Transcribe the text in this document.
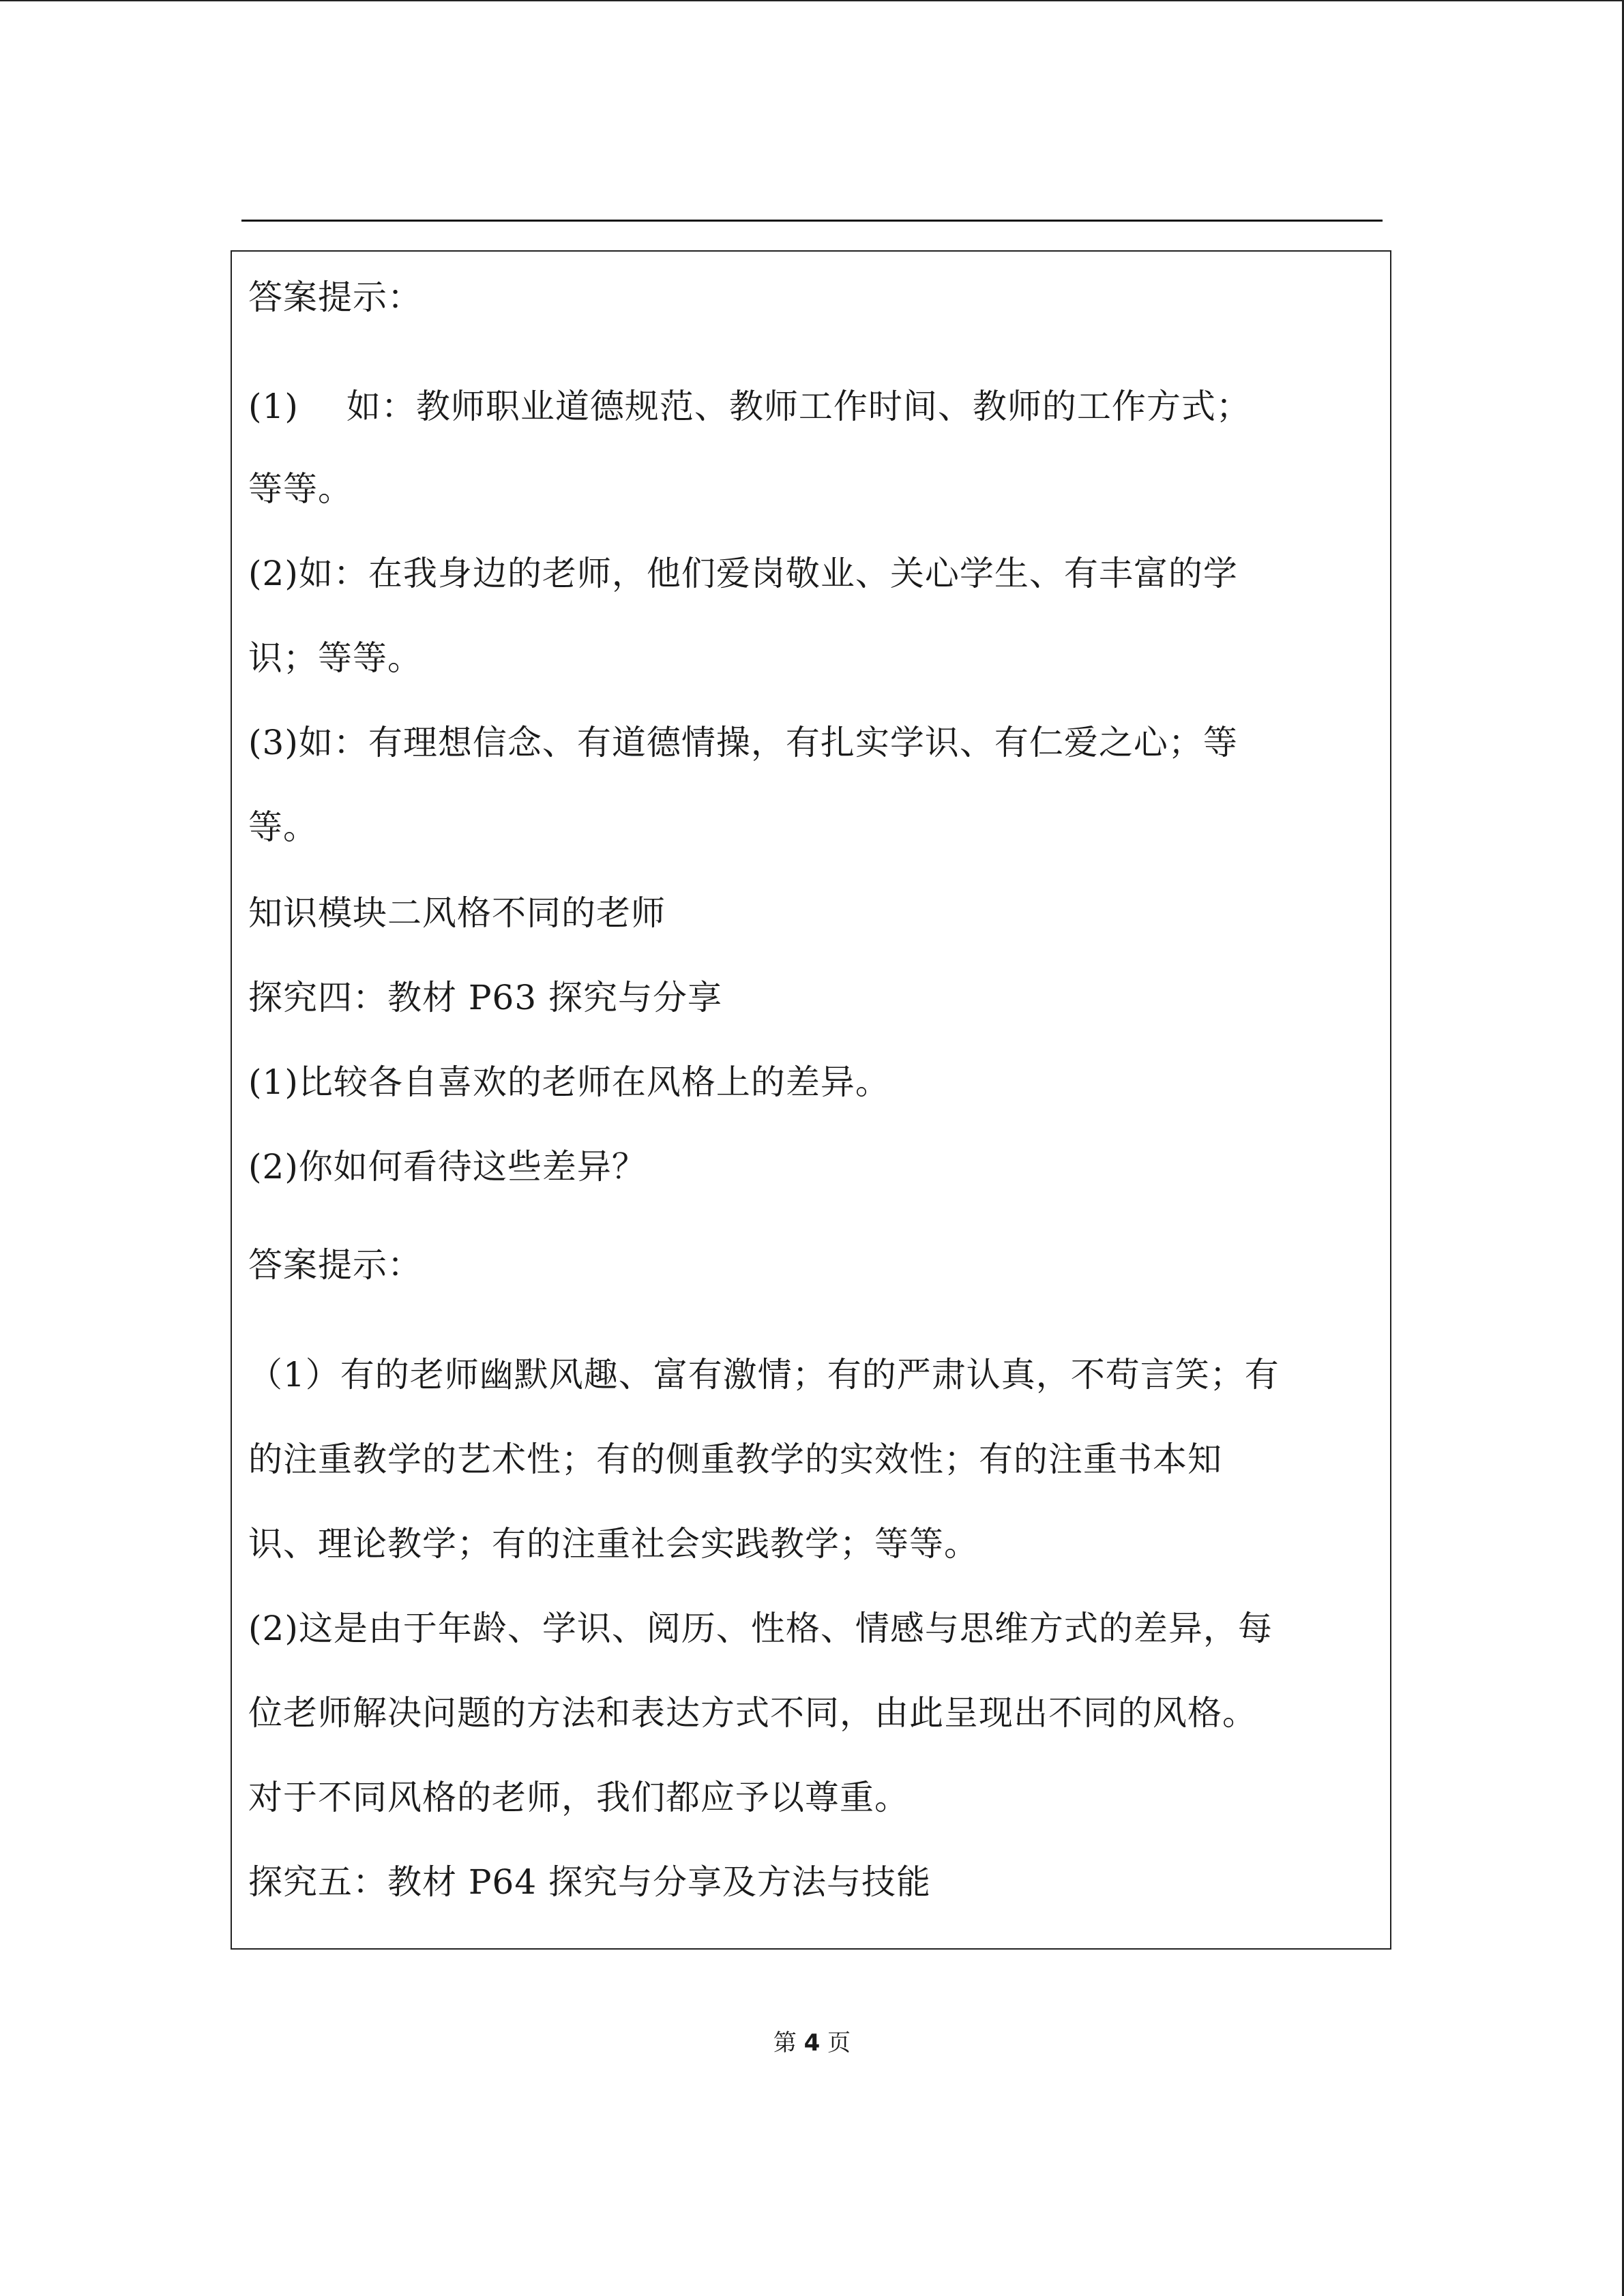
答案提示：

(1) 如：教师职业道德规范、教师工作时间、教师的工作方式；

等等。

(2)如：在我身边的老师，他们爱岗敬业、关心学生、有丰富的学

识；等等。

(3)如：有理想信念、有道德情操，有扎实学识、有仁爱之心；等

等。

知识模块二风格不同的老师

探究四：教材 P63 探究与分享

(1)比较各自喜欢的老师在风格上的差异。

(2)你如何看待这些差异？

答案提示：

（1）有的老师幽默风趣、富有激情；有的严肃认真，不苟言笑；有

的注重教学的艺术性；有的侧重教学的实效性；有的注重书本知

识、理论教学；有的注重社会实践教学；等等。

(2)这是由于年龄、学识、阅历、性格、情感与思维方式的差异，每

位老师解决问题的方法和表达方式不同，由此呈现出不同的风格。

对于不同风格的老师，我们都应予以尊重。

探究五：教材 P64 探究与分享及方法与技能

第 4 页
